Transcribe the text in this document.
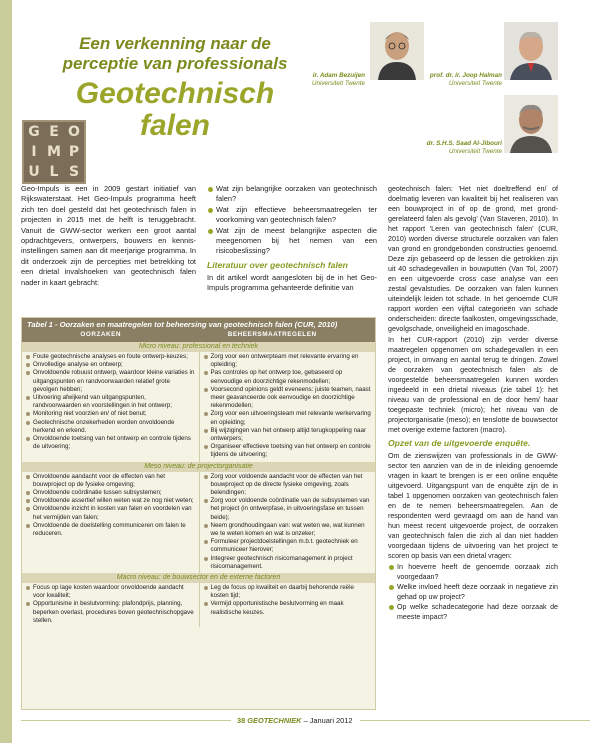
Een verkenning naar de perceptie van professionals
Geotechnisch falen
G E O
I M P
U L S
ir. Adam Bezuijen
Universiteit Twente
prof. dr. ir. Joop Halman
Universiteit Twente
dr. S.H.S. Saad Al-Jibouri
Universiteit Twente

Geo-Impuls is een in 2009 gestart initiatief van Rijkswaterstaat. Het Geo-Impuls programma heeft zich ten doel gesteld dat het geotechnisch falen in projecten in 2015 met de helft is teruggebracht. Vanuit de GWW-sector werken een groot aantal opdrachtgevers, ontwerpers, bouwers en kennis-instellingen samen aan dit meerjarige programma. In dit onderzoek zijn de percepties met betrekking tot een drietal invalshoeken van geotechnisch falen nader in kaart gebracht:

Wat zijn belangrijke oorzaken van geotechnisch falen?
Wat zijn effectieve beheersmaatregelen ter voorkoming van geotechnisch falen?
Wat zijn de meest belangrijke aspecten die meegenomen bij het nemen van een risicobeslissing?
Literatuur over geotechnisch falen

In dit artikel wordt aangesloten bij de in het Geo-Impuls programma gehanteerde definitie van

geotechnisch falen: 'Het niet doeltreffend en/ of doelmatig leveren van kwaliteit bij het realiseren van een bouwproject in of op de grond, met grond-gerelateerd falen als gevolg' (Van Staveren, 2010). In het rapport 'Leren van geotechnisch falen' (CUR, 2010) worden diverse structurele oorzaken van falen van grond en grondgebonden constructies genoemd. Deze zijn gebaseerd op de lessen die getrokken zijn uit 40 schadegevallen in bouwputten (Van Tol, 2007) en een uitgevoerde cross case analyse van een zestal gevalstudies. De oorzaken van falen kunnen uiteindelijk leiden tot schade. In het genoemde CUR rapport worden een vijftal categorieën van schade onderscheiden: directe faalkosten, omgevingsschade, gevolgschade, onveiligheid en imagoschade.

In het CUR-rapport (2010) zijn verder diverse maatregelen opgenomen om schadegevallen in een project, in omvang en aantal terug te dringen. Zowel de oorzaken van geotechnisch falen als de voorgestelde beheersmaatregelen kunnen worden ingedeeld in een drietal niveaus (zie tabel 1): het niveau van de professional en de door hem/ haar toegepaste techniek (micro); het niveau van de projectorganisatie (meso); en tenslotte de bouwsector met overige externe factoren (macro).

Opzet van de uitgevoerde enquête.

Om de zienswijzen van professionals in de GWW-sector ten aanzien van de in de inleiding genoemde vragen in kaart te brengen is er een online enquête uitgevoerd. Uitgangspunt van de enquête zijn de in tabel 1 opgenomen oorzaken van geotechnisch falen en de te nemen beheersmaatregelen. Aan de respondenten werd gevraagd om aan de hand van hun meest recent uitgevoerde project, de oorzaken van geotechnisch falen die zich al dan niet hadden voorgedaan tijdens de uitvoering van het project te scoren op basis van een drietal vragen:

In hoeverre heeft de genoemde oorzaak zich voorgedaan?
Welke invloed heeft deze oorzaak in negatieve zin gehad op uw project?
Op welke schadecategorie had deze oorzaak de meeste impact?
Tabel 1 - Oorzaken en maatregelen tot beheersing van geotechnisch falen (CUR, 2010)
OORZAKEN	BEHEERSMAATREGELEN
Micro niveau: professional en techniek
Foute geotechnische analyses en foute ontwerp-keuzes;
Onvolledige analyse en ontwerp;
Onvoldoende robuust ontwerp, waardoor kleine variaties in uitgangspunten en randvoorwaarden relatief grote gevolgen hebben;
Uitvoering afwijkend van uitgangspunten, randvoorwaarden en voorstellingen in het ontwerp;
Monitoring niet voorzien en/ of niet benut;
Geotechnische onzekerheden worden onvoldoende herkend en erkend.
Onvoldoende toetsing van het ontwerp en controle tijdens de uitvoering;
Zorg voor een ontwerpteam met relevante ervaring en opleiding;
Pas controles op het ontwerp toe, gebaseerd op eenvoudige en doorzichtige rekenmodellen;
Voorsecond opinions geldt eveneens: juiste teamen, naast meer geavanceerde ook eenvoudige en doorzichtige rekenmodellen;
Zorg voor een uitvoeringsteam met relevante werkervaring en opleiding;
Bij wijzigingen van het ontwerp altijd terugkoppeling naar ontwerpers;
Organiseer effectieve toetsing van het ontwerp en controle tijdens de uitvoering;
Meso niveau: de projectorganisatie
Onvoldoende aandacht voor de effecten van het bouwproject op de fysieke omgeving;
Onvoldoende coördinatie tussen subsystemen;
Onvoldoende assertief willen weten wat ze nog niet weten;
Onvoldoende inzicht in kosten van falen en voordelen van het vermijden van falen;
Onvoldoende de doelstelling communiceren om falen te reduceren.
Zorg voor voldoende aandacht voor de effecten van het bouwproject op de directe fysieke omgeving, zoals belendingen;
Zorg voor voldoende coördinatie van de subsystemen van het project (in ontwerpfase, in uitvoeringsfase en tussen beide);
Neem grondhoudingaan van: wat weten we, wat kunnen we te weten komen en wat is onzeker;
Formuleer projectdoelstellingen m.b.t. geotechniek en communiceer hierover;
Integreer geotechnisch risicomanagement in project risicomanagement.
Macro niveau: de bouwsector en de externe factoren
Focus op lage kosten waardoor onvoldoende aandacht voor kwaliteit;
Opportunisme in beslutvorming: plafondprijs, planning, beperken overlast, procedures boven geotechnischopgave stellen.
Leg de focus op kwaliteit en daarbij behorende reële kosten tijd;
Vermijd opportunistische beslutvorming en maak realistische keuzes.
38 GEOTECHNIEK – Januari 2012
